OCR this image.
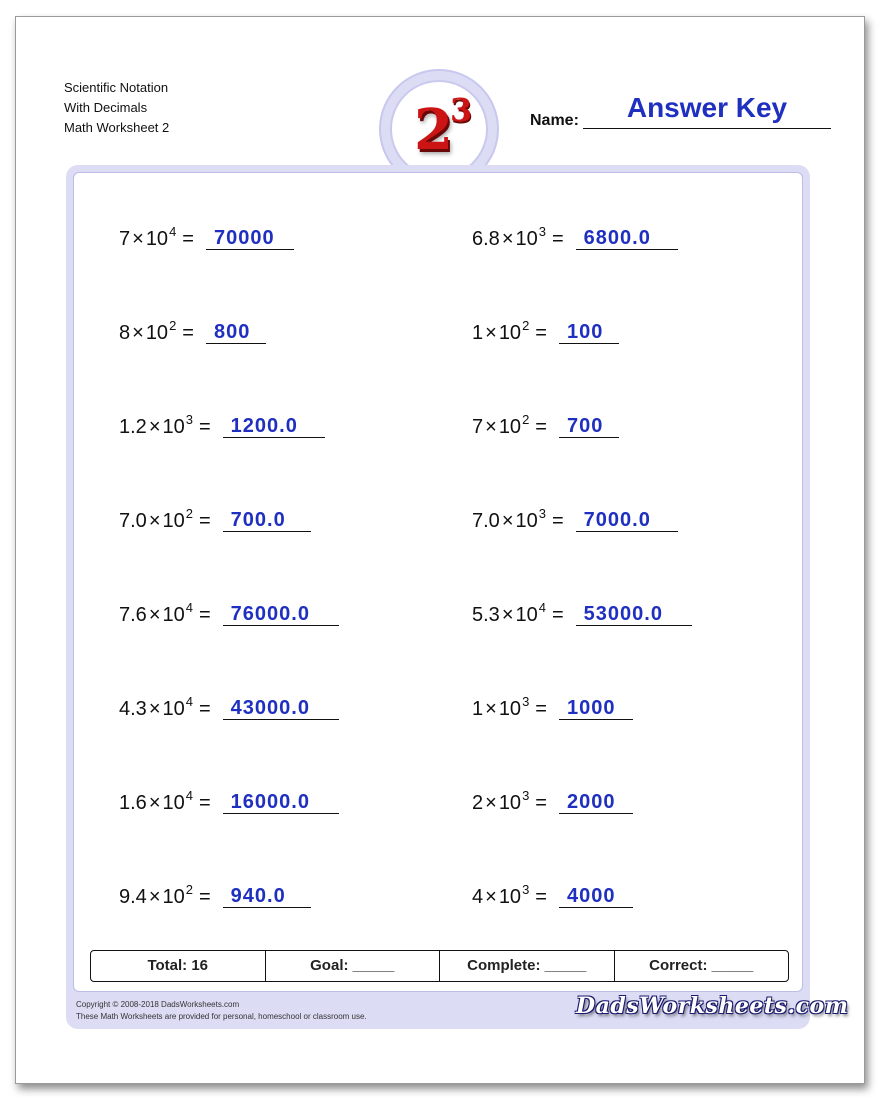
Scientific Notation
With Decimals
Math Worksheet 2	2
3	Name:	Answer Key
$7 \times 10^4$ =	70000	$6.8 \times 10^3$ =	6800.0
$8 \times 10^2$ =	800	$1 \times 10^2$ =	100
$1.2 \times 10^3$ =	1200.0	$7 \times 10^2$ =	700
$7.0 \times 10^2$ =	700.0	$7.0 \times 10^3$ =	7000.0
$7.6 \times 10^4$ =	76000.0	$5.3 \times 10^4$ =	53000.0
$4.3 \times 10^4$ =	43000.0	$1 \times 10^3$ =	1000
$1.6 \times 10^4$ =	16000.0	$2 \times 10^3$ =	2000
$9.4 \times 10^2$ =	940.0	$4 \times 10^3$ =	4000
Total: 16	Goal: _____	Complete: _____	Correct: _____
Copyright © 2008-2018 DadsWorksheets.com
These Math Worksheets are provided for personal, homeschool or classroom use.	DadsWorksheets.com
